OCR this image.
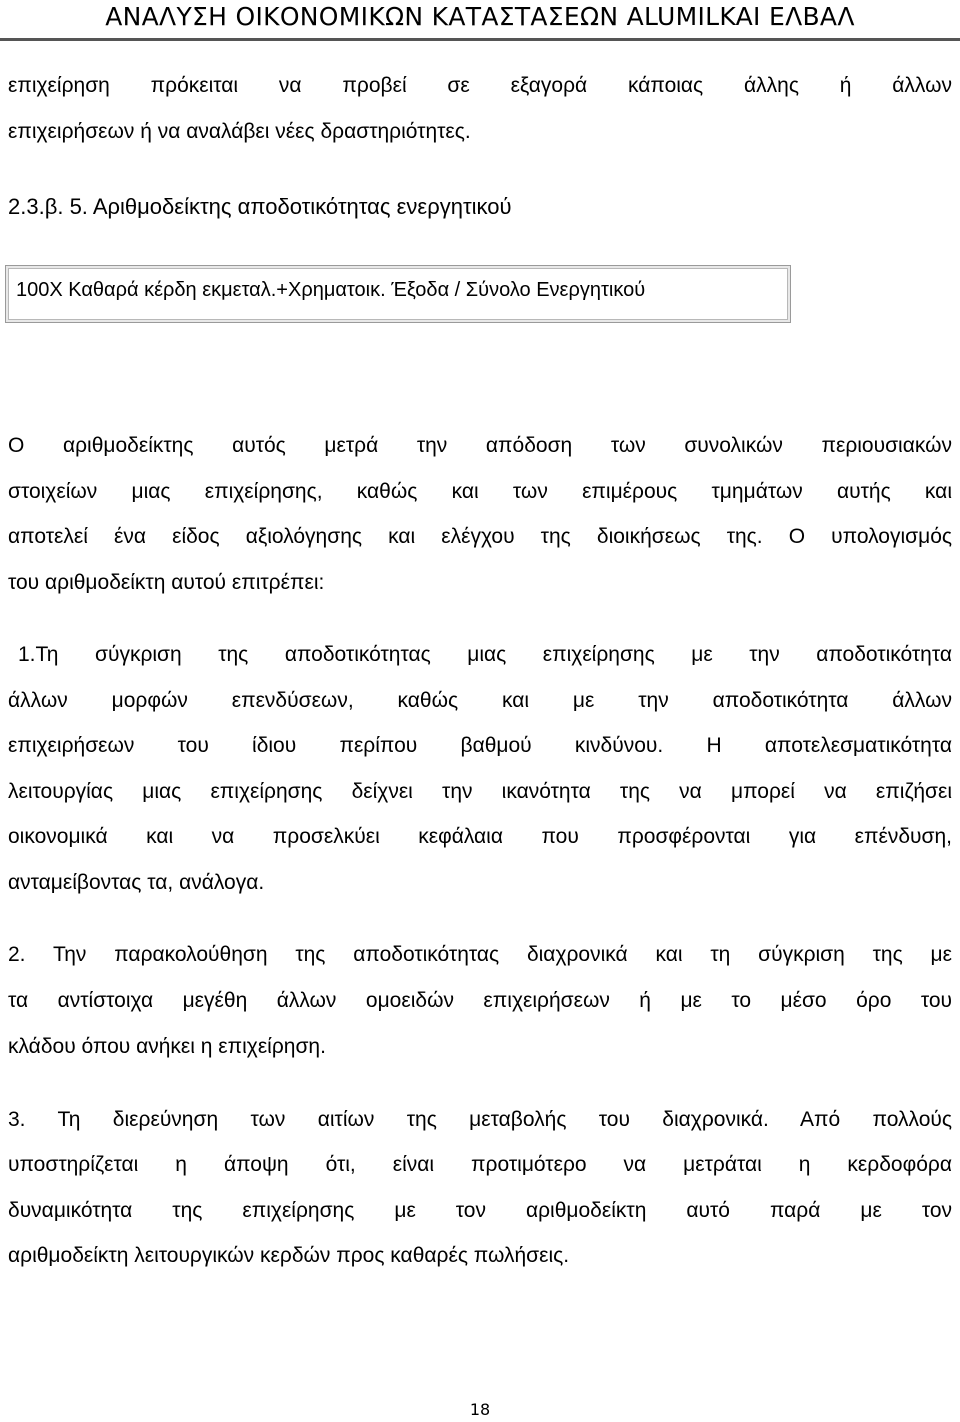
ΑΝΑΛΥΣΗ ΟΙΚΟΝΟΜΙΚΩΝ ΚΑΤΑΣΤΑΣΕΩΝ ALUMILKAI ΕΛΒΑΛ
επιχείρηση πρόκειται να προβεί σε εξαγορά κάποιας άλλης ή άλλων
επιχειρήσεων ή να αναλάβει νέες δραστηριότητες.
2.3.β. 5. Αριθμοδείκτης αποδοτικότητας ενεργητικού
100Χ Καθαρά κέρδη εκμεταλ.+Χρηματοικ. Έξοδα / Σύνολο Ενεργητικού
Ο αριθμοδείκτης αυτός μετρά την απόδοση των συνολικών περιουσιακών
στοιχείων μιας επιχείρησης, καθώς και των επιμέρους τμημάτων αυτής και
αποτελεί ένα είδος αξιολόγησης και ελέγχου της διοικήσεως της. Ο υπολογισμός
του αριθμοδείκτη αυτού επιτρέπει:
1.Τη σύγκριση της αποδοτικότητας μιας επιχείρησης με την αποδοτικότητα
άλλων μορφών επενδύσεων, καθώς και με την αποδοτικότητα άλλων
επιχειρήσεων του ίδιου περίπου βαθμού κινδύνου. Η αποτελεσματικότητα
λειτουργίας μιας επιχείρησης δείχνει την ικανότητα της να μπορεί να επιζήσει
οικονομικά και να προσελκύει κεφάλαια που προσφέρονται για επένδυση,
ανταμείβοντας τα, ανάλογα.
2. Την παρακολούθηση της αποδοτικότητας διαχρονικά και τη σύγκριση της με
τα αντίστοιχα μεγέθη άλλων ομοειδών επιχειρήσεων ή με το μέσο όρο του
κλάδου όπου ανήκει η επιχείρηση.
3. Τη διερεύνηση των αιτίων της μεταβολής του διαχρονικά. Από πολλούς
υποστηρίζεται η άποψη ότι, είναι προτιμότερο να μετράται η κερδοφόρα
δυναμικότητα της επιχείρησης με τον αριθμοδείκτη αυτό παρά με τον
αριθμοδείκτη λειτουργικών κερδών προς καθαρές πωλήσεις.
18
